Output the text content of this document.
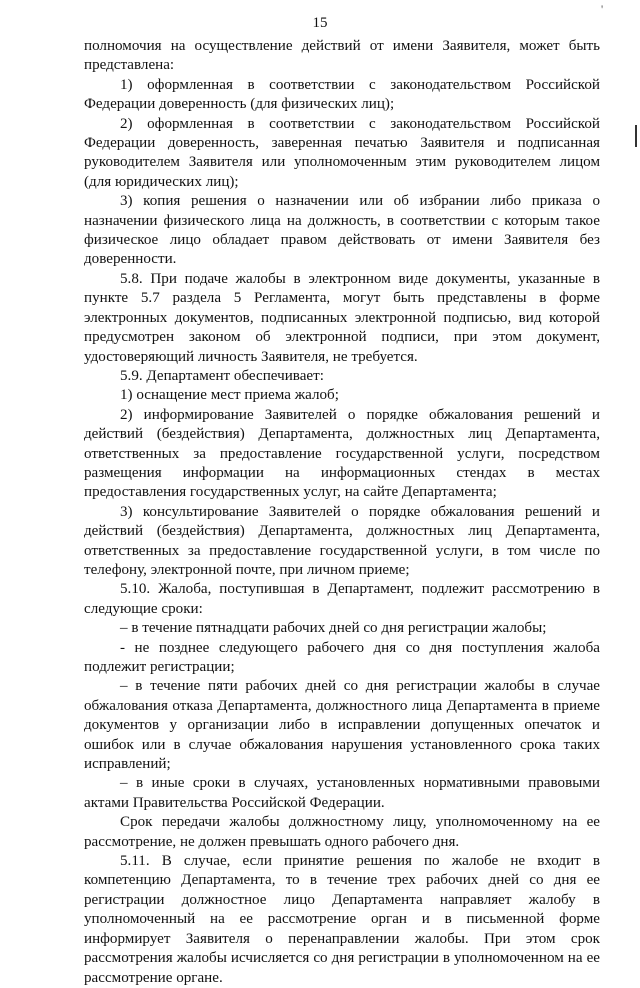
15
'

полномочия на осуществление действий от имени Заявителя, может быть представлена:

1) оформленная в соответствии с законодательством Российской Федерации доверенность (для физических лиц);

2) оформленная в соответствии с законодательством Российской Федерации доверенность, заверенная печатью Заявителя и подписанная руководителем Заявителя или уполномоченным этим руководителем лицом (для юридических лиц);

3) копия решения о назначении или об избрании либо приказа о назначении физического лица на должность, в соответствии с которым такое физическое лицо обладает правом действовать от имени Заявителя без доверенности.

5.8. При подаче жалобы в электронном виде документы, указанные в пункте 5.7 раздела 5 Регламента, могут быть представлены в форме электронных документов, подписанных электронной подписью, вид которой предусмотрен законом об электронной подписи, при этом документ, удостоверяющий личность Заявителя, не требуется.

5.9. Департамент обеспечивает:

1) оснащение мест приема жалоб;

2) информирование Заявителей о порядке обжалования решений и действий (бездействия) Департамента, должностных лиц Департамента, ответственных за предоставление государственной услуги, посредством размещения информации на информационных стендах в местах предоставления государственных услуг, на сайте Департамента;

3) консультирование Заявителей о порядке обжалования решений и действий (бездействия) Департамента, должностных лиц Департамента, ответственных за предоставление государственной услуги, в том числе по телефону, электронной почте, при личном приеме;

5.10. Жалоба, поступившая в Департамент, подлежит рассмотрению в следующие сроки:

– в течение пятнадцати рабочих дней со дня регистрации жалобы;

- не позднее следующего рабочего дня со дня поступления жалоба подлежит регистрации;

– в течение пяти рабочих дней со дня регистрации жалобы в случае обжалования отказа Департамента, должностного лица Департамента в приеме документов у организации либо в исправлении допущенных опечаток и ошибок или в случае обжалования нарушения установленного срока таких исправлений;

– в иные сроки в случаях, установленных нормативными правовыми актами Правительства Российской Федерации.

Срок передачи жалобы должностному лицу, уполномоченному на ее рассмотрение, не должен превышать одного рабочего дня.

5.11. В случае, если принятие решения по жалобе не входит в компетенцию Департамента, то в течение трех рабочих дней со дня ее регистрации должностное лицо Департамента направляет жалобу в уполномоченный на ее рассмотрение орган и в письменной форме информирует Заявителя о перенаправлении жалобы. При этом срок рассмотрения жалобы исчисляется со дня регистрации в уполномоченном на ее рассмотрение органе.
